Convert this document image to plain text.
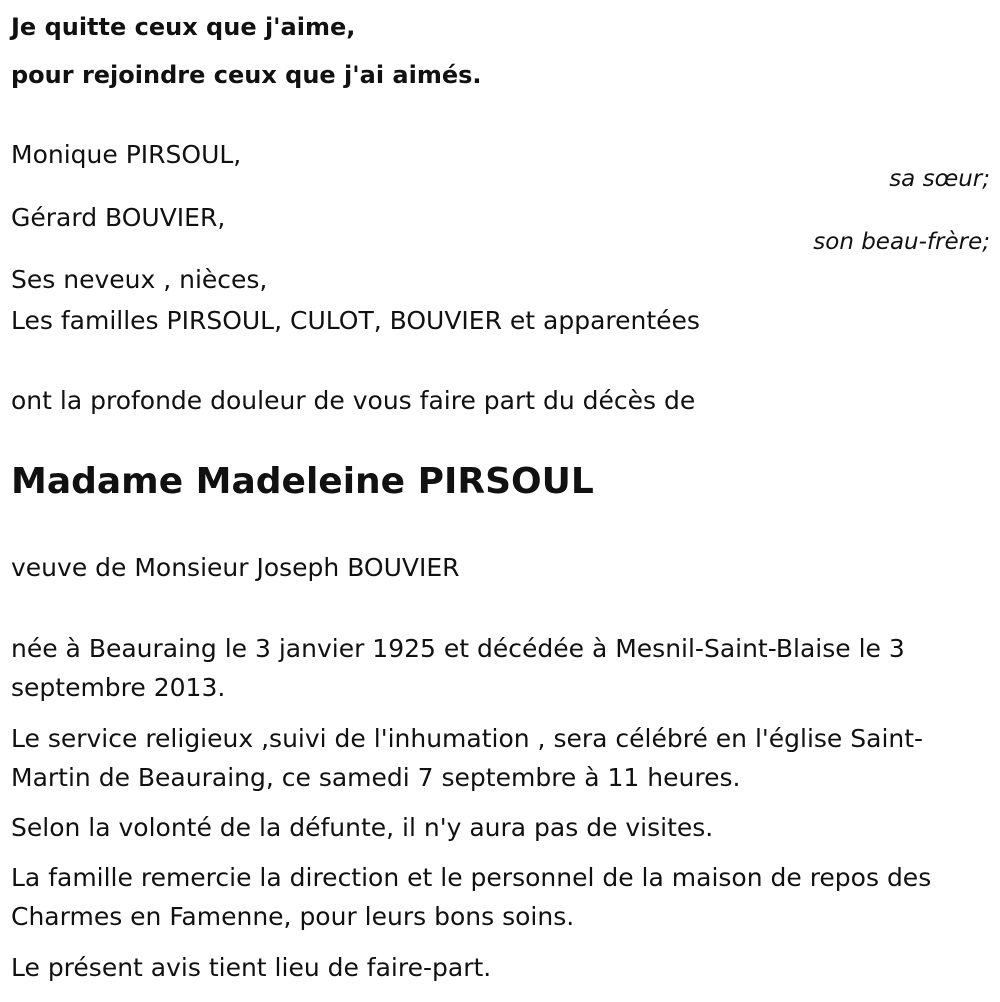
Je quitte ceux que j'aime,
pour rejoindre ceux que j'ai aimés.
Monique PIRSOUL,
sa sœur;
Gérard BOUVIER,
son beau-frère;
Ses neveux , nièces,
Les familles PIRSOUL, CULOT, BOUVIER et apparentées
ont la profonde douleur de vous faire part du décès de
Madame Madeleine PIRSOUL
veuve de Monsieur Joseph BOUVIER

née à Beauraing le 3 janvier 1925 et décédée à Mesnil-Saint-Blaise le 3 septembre 2013.

Le service religieux ,suivi de l'inhumation , sera célébré en l'église Saint-Martin de Beauraing, ce samedi 7 septembre à 11 heures.

Selon la volonté de la défunte, il n'y aura pas de visites.

La famille remercie la direction et le personnel de la maison de repos des Charmes en Famenne, pour leurs bons soins.

Le présent avis tient lieu de faire-part.
